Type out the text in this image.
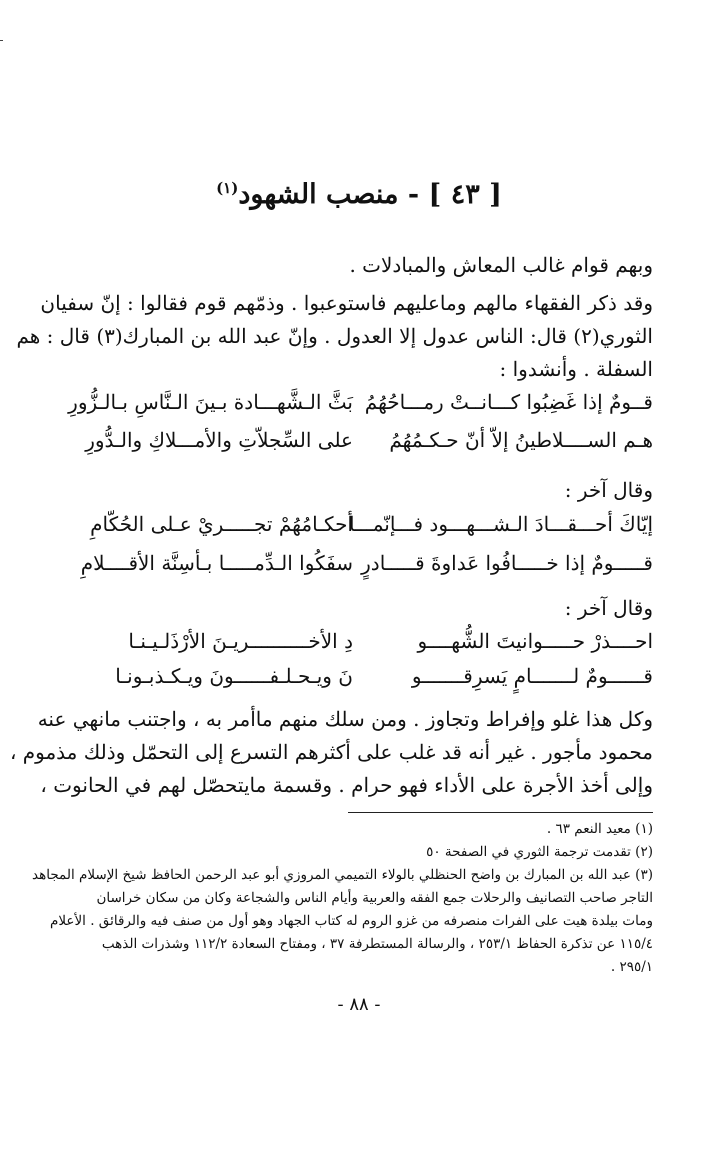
[ ٤٣ ] - منصب الشهود$^{(١)}$
وبهم قوام غالب المعاش والمبادلات .
وقد ذكر الفقهاء مالهم وماعليهم فاستوعبوا . وذمّهم قوم فقالوا : إنّ سفيان
الثوري(٢) قال: الناس عدول إلا العدول . وإنّ عبد الله بن المبارك(٣) قال : هم
السفلة . وأنشدوا :
قــومٌ إذا غَضِبُوا كـــانــتْ رمـــاحُهُمُ
بَثَّ الـشَّهـــادة بـينَ الـنَّاسِ بـالـزُّورِ
هـم الســــلاطينُ إلاّ أنّ حـكـمُهُمُ
على السِّجلاّتِ والأمـــلاكِ والـدُّورِ
وقال آخر :
إيّاكَ أحـــقـــادَ الـشـــهـــود فـــإنّمـــا
أحكـامُهُمْ تجـــــريْ عـلى الحُكّامِ
قـــــومٌ إذا خـــــافُوا عَداوةَ قـــــادرٍ
سفَكُوا الـدِّمـــــا بـأسِنَّة الأقــــلامِ
وقال آخر :
احــــذرْ حـــــوانيتَ الشُّهــــو
دِ الأخــــــــــريـنَ الأرْذَلـيـنـا
قــــــومٌ لـــــــامٍ يَسرِقـــــــو
نَ ويـحـلـفــــــونَ ويـكـذبـونـا
وكل هذا غلو وإفراط وتجاوز . ومن سلك منهم ماأمر به ، واجتنب مانهي عنه
محمود مأجور . غير أنه قد غلب على أكثرهم التسرع إلى التحمّل وذلك مذموم ،
وإلى أخذ الأجرة على الأداء فهو حرام . وقسمة مايتحصّل لهم في الحانوت ،
(١) معيد النعم ٦٣ .
(٢) تقدمت ترجمة الثوري في الصفحة ٥٠
(٣) عبد الله بن المبارك بن واضح الحنظلي بالولاء التميمي المروزي أبو عبد الرحمن الحافظ شيخ الإسلام المجاهد
التاجر صاحب التصانيف والرحلات جمع الفقه والعربية وأيام الناس والشجاعة وكان من سكان خراسان
ومات بيلدة هيت على الفرات منصرفه من غزو الروم له كتاب الجهاد وهو أول من صنف فيه والرقائق . الأعلام
١١٥/٤ عن تذكرة الحفاظ ٢٥٣/١ ، والرسالة المستطرفة ٣٧ ، ومفتاح السعادة ١١٢/٢ وشذرات الذهب
٢٩٥/١ .
- ٨٨ -
